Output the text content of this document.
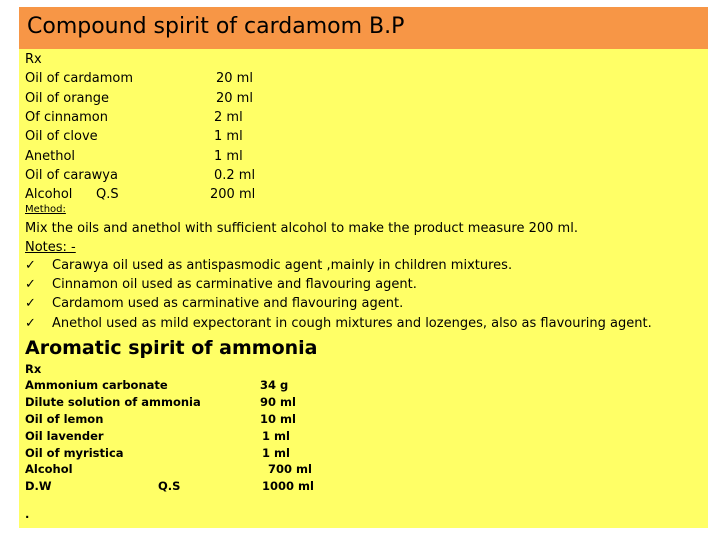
Compound spirit of cardamom B.P
Rx
Oil of cardamom	20 ml
Oil of orange	20 ml
Of cinnamon	2 ml
Oil of clove	1 ml
Anethol	1 ml
Oil of carawya	0.2 ml
Alcohol Q.S	200 ml
Method:
Mix the oils and anethol with sufficient alcohol to make the product measure 200 ml.
Notes: -
✓ Carawya oil used as antispasmodic agent ,mainly in children mixtures.
✓ Cinnamon oil used as carminative and flavouring agent.
✓ Cardamom used as carminative and flavouring agent.
✓ Anethol used as mild expectorant in cough mixtures and lozenges, also as flavouring agent.
Aromatic spirit of ammonia
Rx
Ammonium carbonate	34 g
Dilute solution of ammonia	90 ml
Oil of lemon	10 ml
Oil lavender	1 ml
Oil of myristica	1 ml
Alcohol	700 ml
D.W	Q.S	1000 ml
.
